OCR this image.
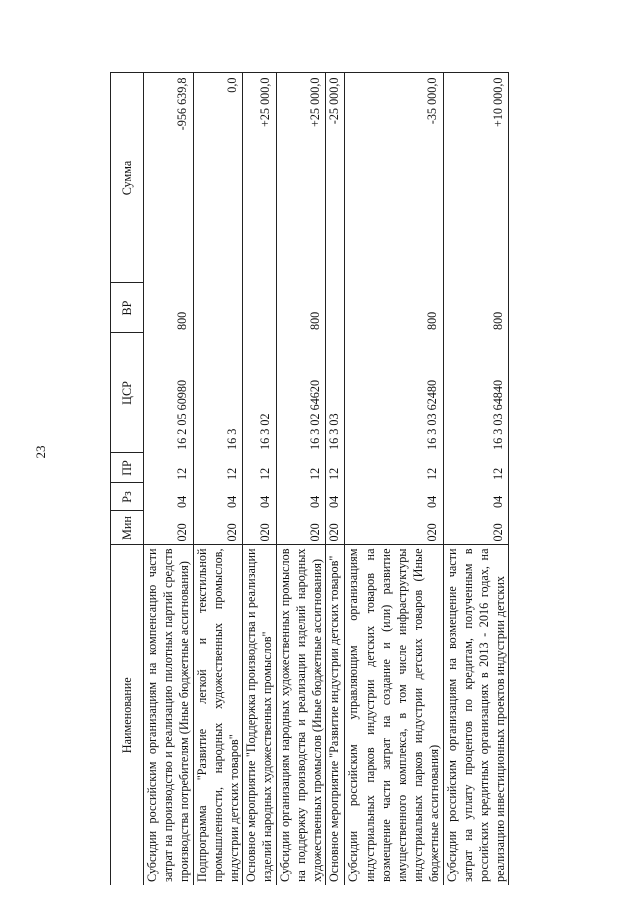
23
Наименование	Мин	Рз	ПР	ЦСР	ВР	Сумма
Субсидии российским организациям на компенсацию части затрат на производство и реализацию пилотных партий средств производства потребителям (Иные бюджетные ассигнования)	020	04	12	16 2 05 60980	800	-956 639,8
Подпрограмма "Развитие легкой и текстильной промышленности, народных художественных промыслов, индустрии детских товаров"	020	04	12	16 3		0,0
Основное мероприятие "Поддержка производства и реализации изделий народных художественных промыслов"	020	04	12	16 3 02		+25 000,0
Субсидии организациям народных художественных промыслов на поддержку производства и реализации изделий народных художественных промыслов (Иные бюджетные ассигнования)	020	04	12	16 3 02 64620	800	+25 000,0
Основное мероприятие "Развитие индустрии детских товаров"	020	04	12	16 3 03		-25 000,0
Субсидии российским управляющим организациям индустриальных парков индустрии детских товаров на возмещение части затрат на создание и (или) развитие имущественного комплекса, в том числе инфраструктуры индустриальных парков индустрии детских товаров (Иные бюджетные ассигнования)	020	04	12	16 3 03 62480	800	-35 000,0
Субсидии российским организациям на возмещение части затрат на уплату процентов по кредитам, полученным в российских кредитных организациях в 2013 - 2016 годах, на реализацию инвестиционных проектов индустрии детских	020	04	12	16 3 03 64840	800	+10 000,0
